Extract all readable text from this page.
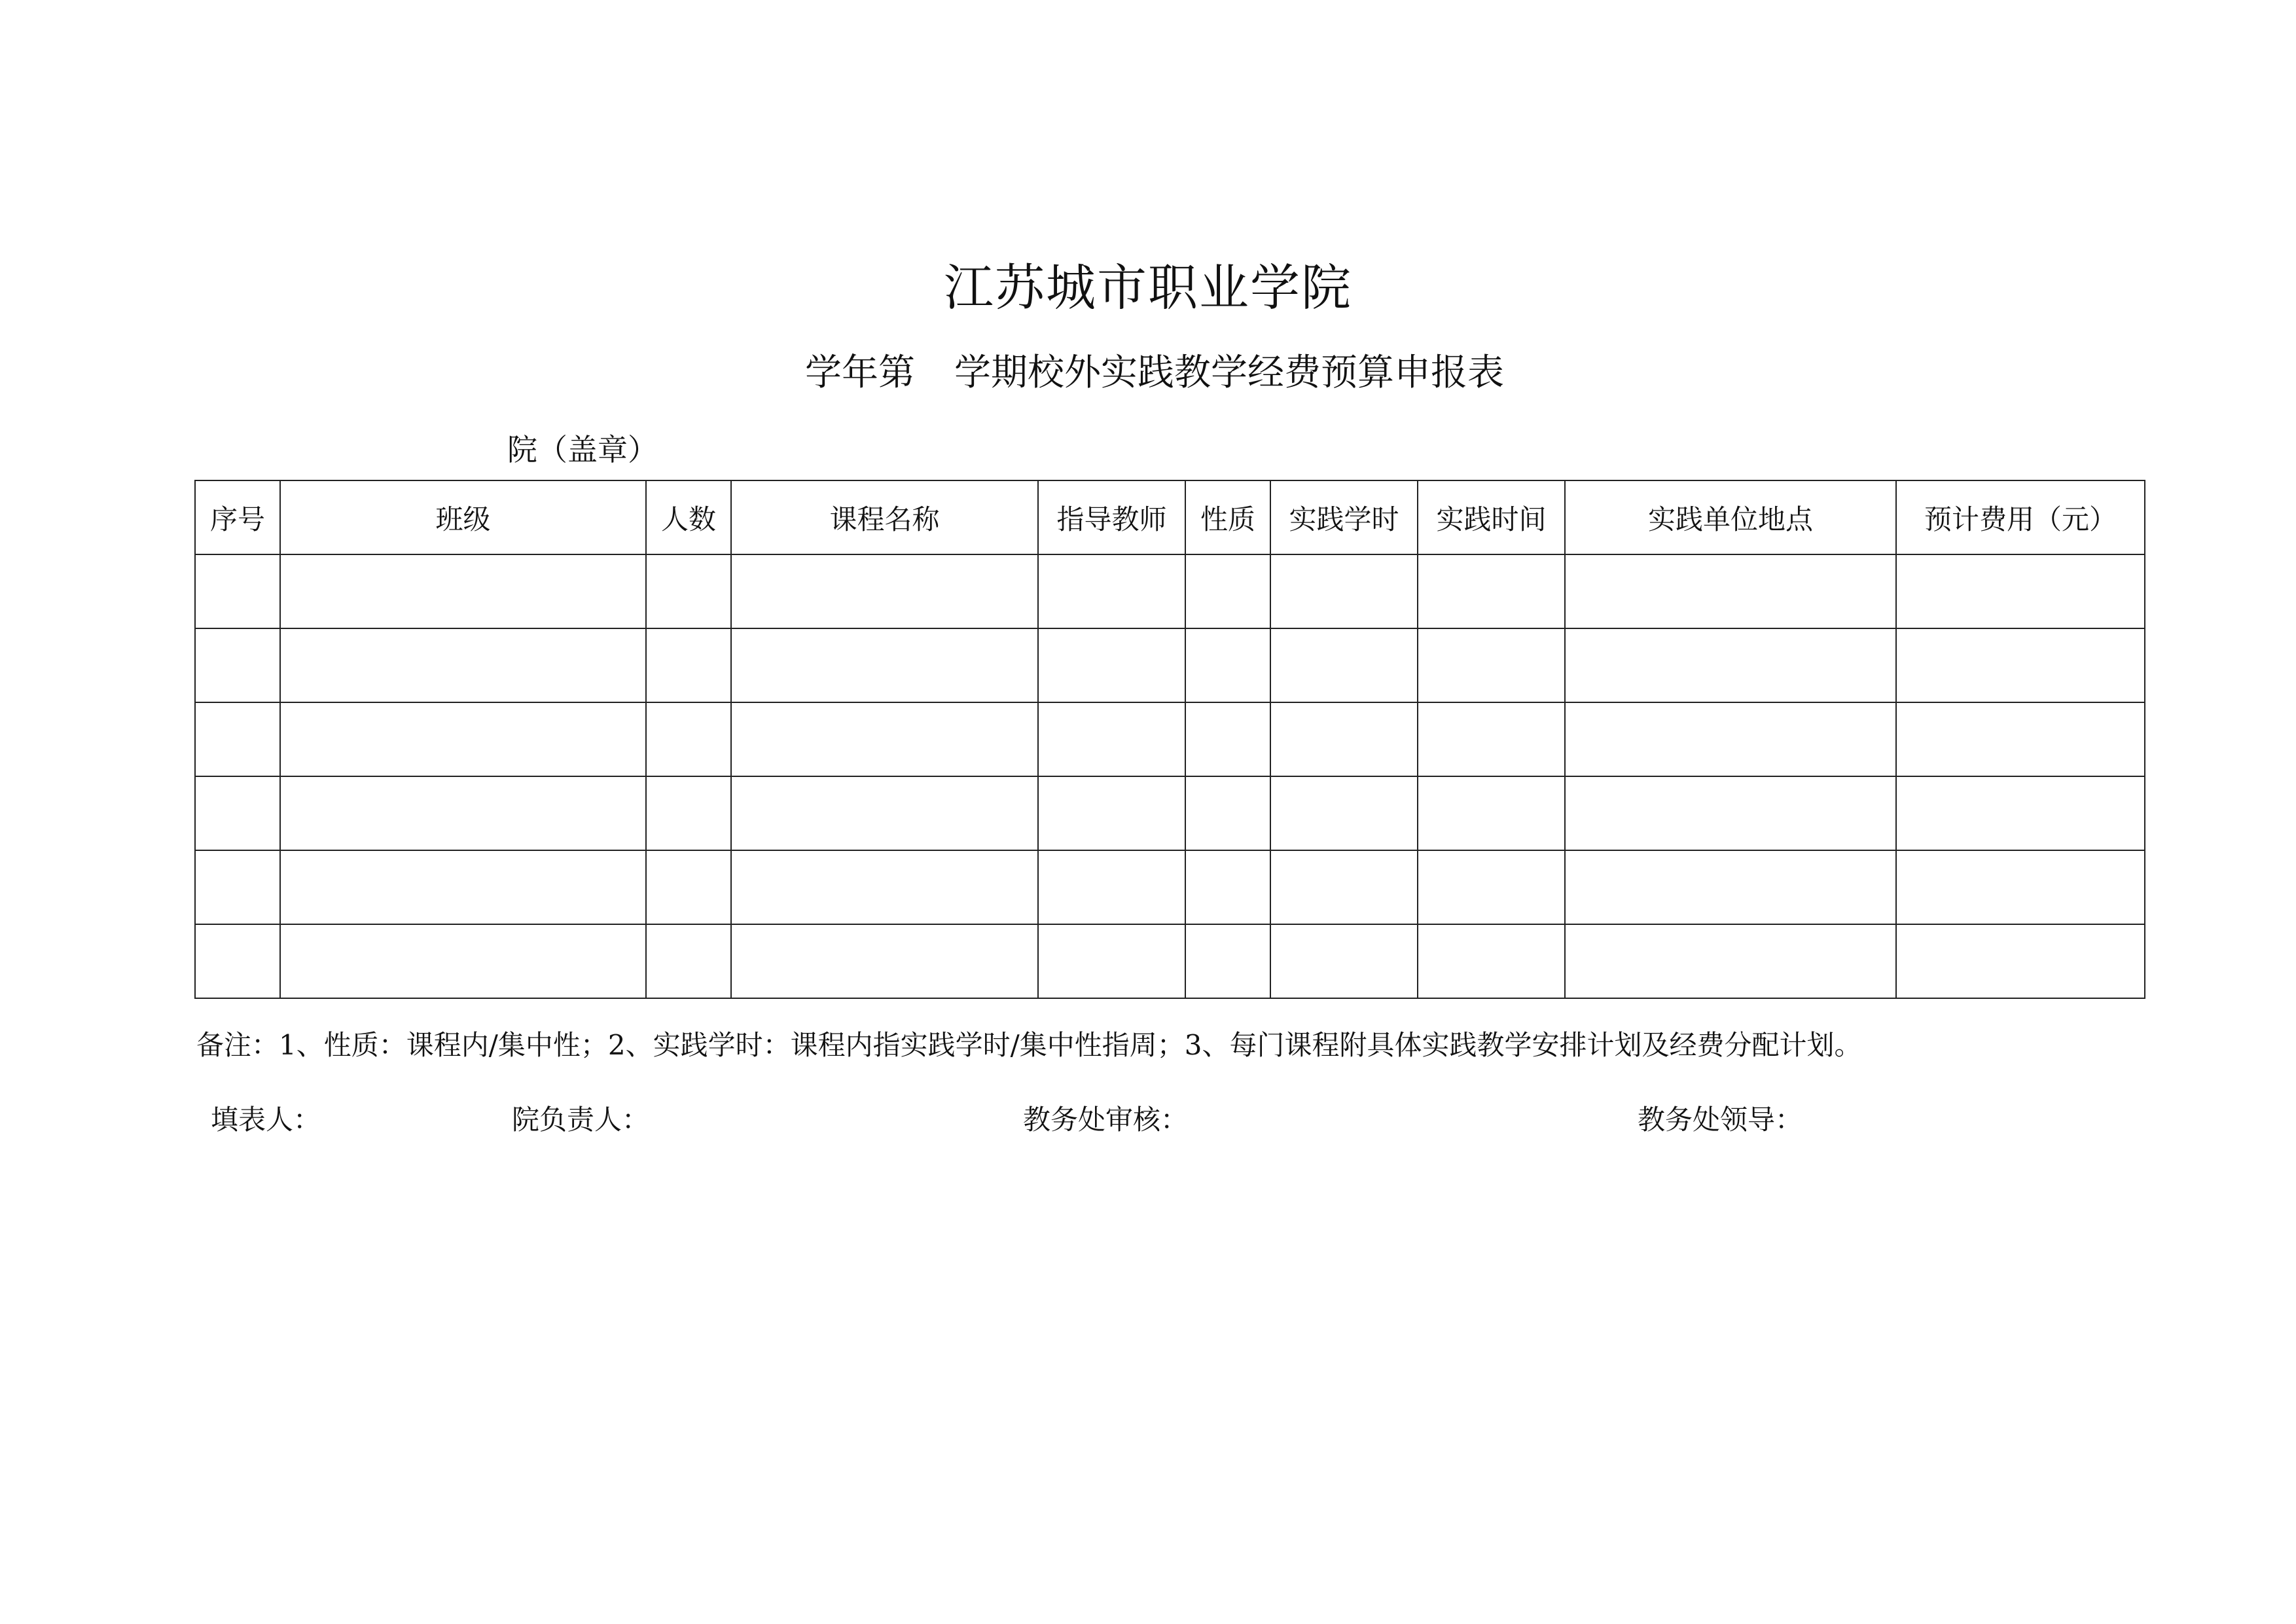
江苏城市职业学院
学年第 学期校外实践教学经费预算申报表
院（盖章）
序号	班级	人数	课程名称	指导教师	性质	实践学时	实践时间	实践单位地点	预计费用（元）

备注：1、性质：课程内/集中性；2、实践学时：课程内指实践学时/集中性指周；3、每门课程附具体实践教学安排计划及经费分配计划。
填表人：	院负责人：	教务处审核：	教务处领导：
